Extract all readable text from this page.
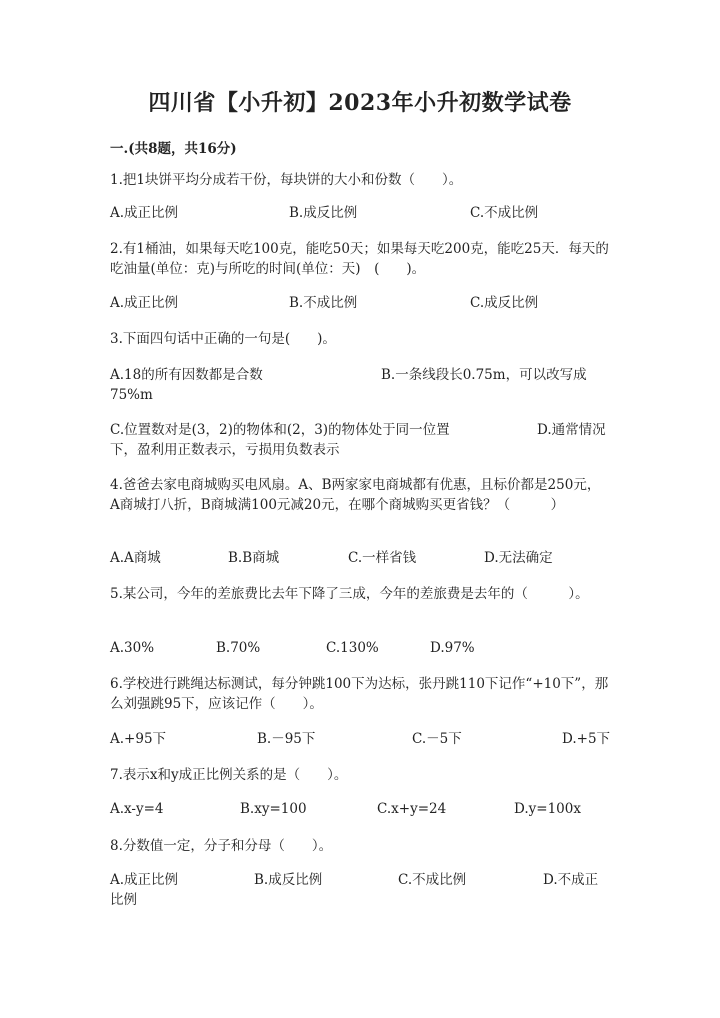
四川省【小升初】2023年小升初数学试卷
一.(共8题，共16分)
1.把1块饼平均分成若干份，每块饼的大小和份数（　　）。
A.成正比例	B.成反比例	C.不成比例
2.有1桶油，如果每天吃100克，能吃50天；如果每天吃200克，能吃25天．每天的吃油量(单位：克)与所吃的时间(单位：天)　(　　)。
A.成正比例	B.不成比例	C.成反比例
3.下面四句话中正确的一句是(　　)。
A.18的所有因数都是合数	B.一条线段长0.75m，可以改写成75%m
C.位置数对是(3，2)的物体和(2，3)的物体处于同一位置	D.通常情况下，盈利用正数表示，亏损用负数表示
4.爸爸去家电商城购买电风扇。A、B两家家电商城都有优惠，且标价都是250元，A商城打八折，B商城满100元减20元，在哪个商城购买更省钱？（　　　）
A.A商城	B.B商城	C.一样省钱	D.无法确定
5.某公司，今年的差旅费比去年下降了三成，今年的差旅费是去年的（　　　）。
A.30%	B.70%	C.130%	D.97%
6.学校进行跳绳达标测试，每分钟跳100下为达标，张丹跳110下记作“+10下”，那么刘强跳95下，应该记作（　　）。
A.+95下	B.－95下	C.－5下	D.+5下
7.表示x和y成正比例关系的是（　　）。
A.x-y=4	B.xy=100	C.x+y=24	D.y=100x
8.分数值一定，分子和分母（　　）。
A.成正比例	B.成反比例	C.不成比例	D.不成正比例
